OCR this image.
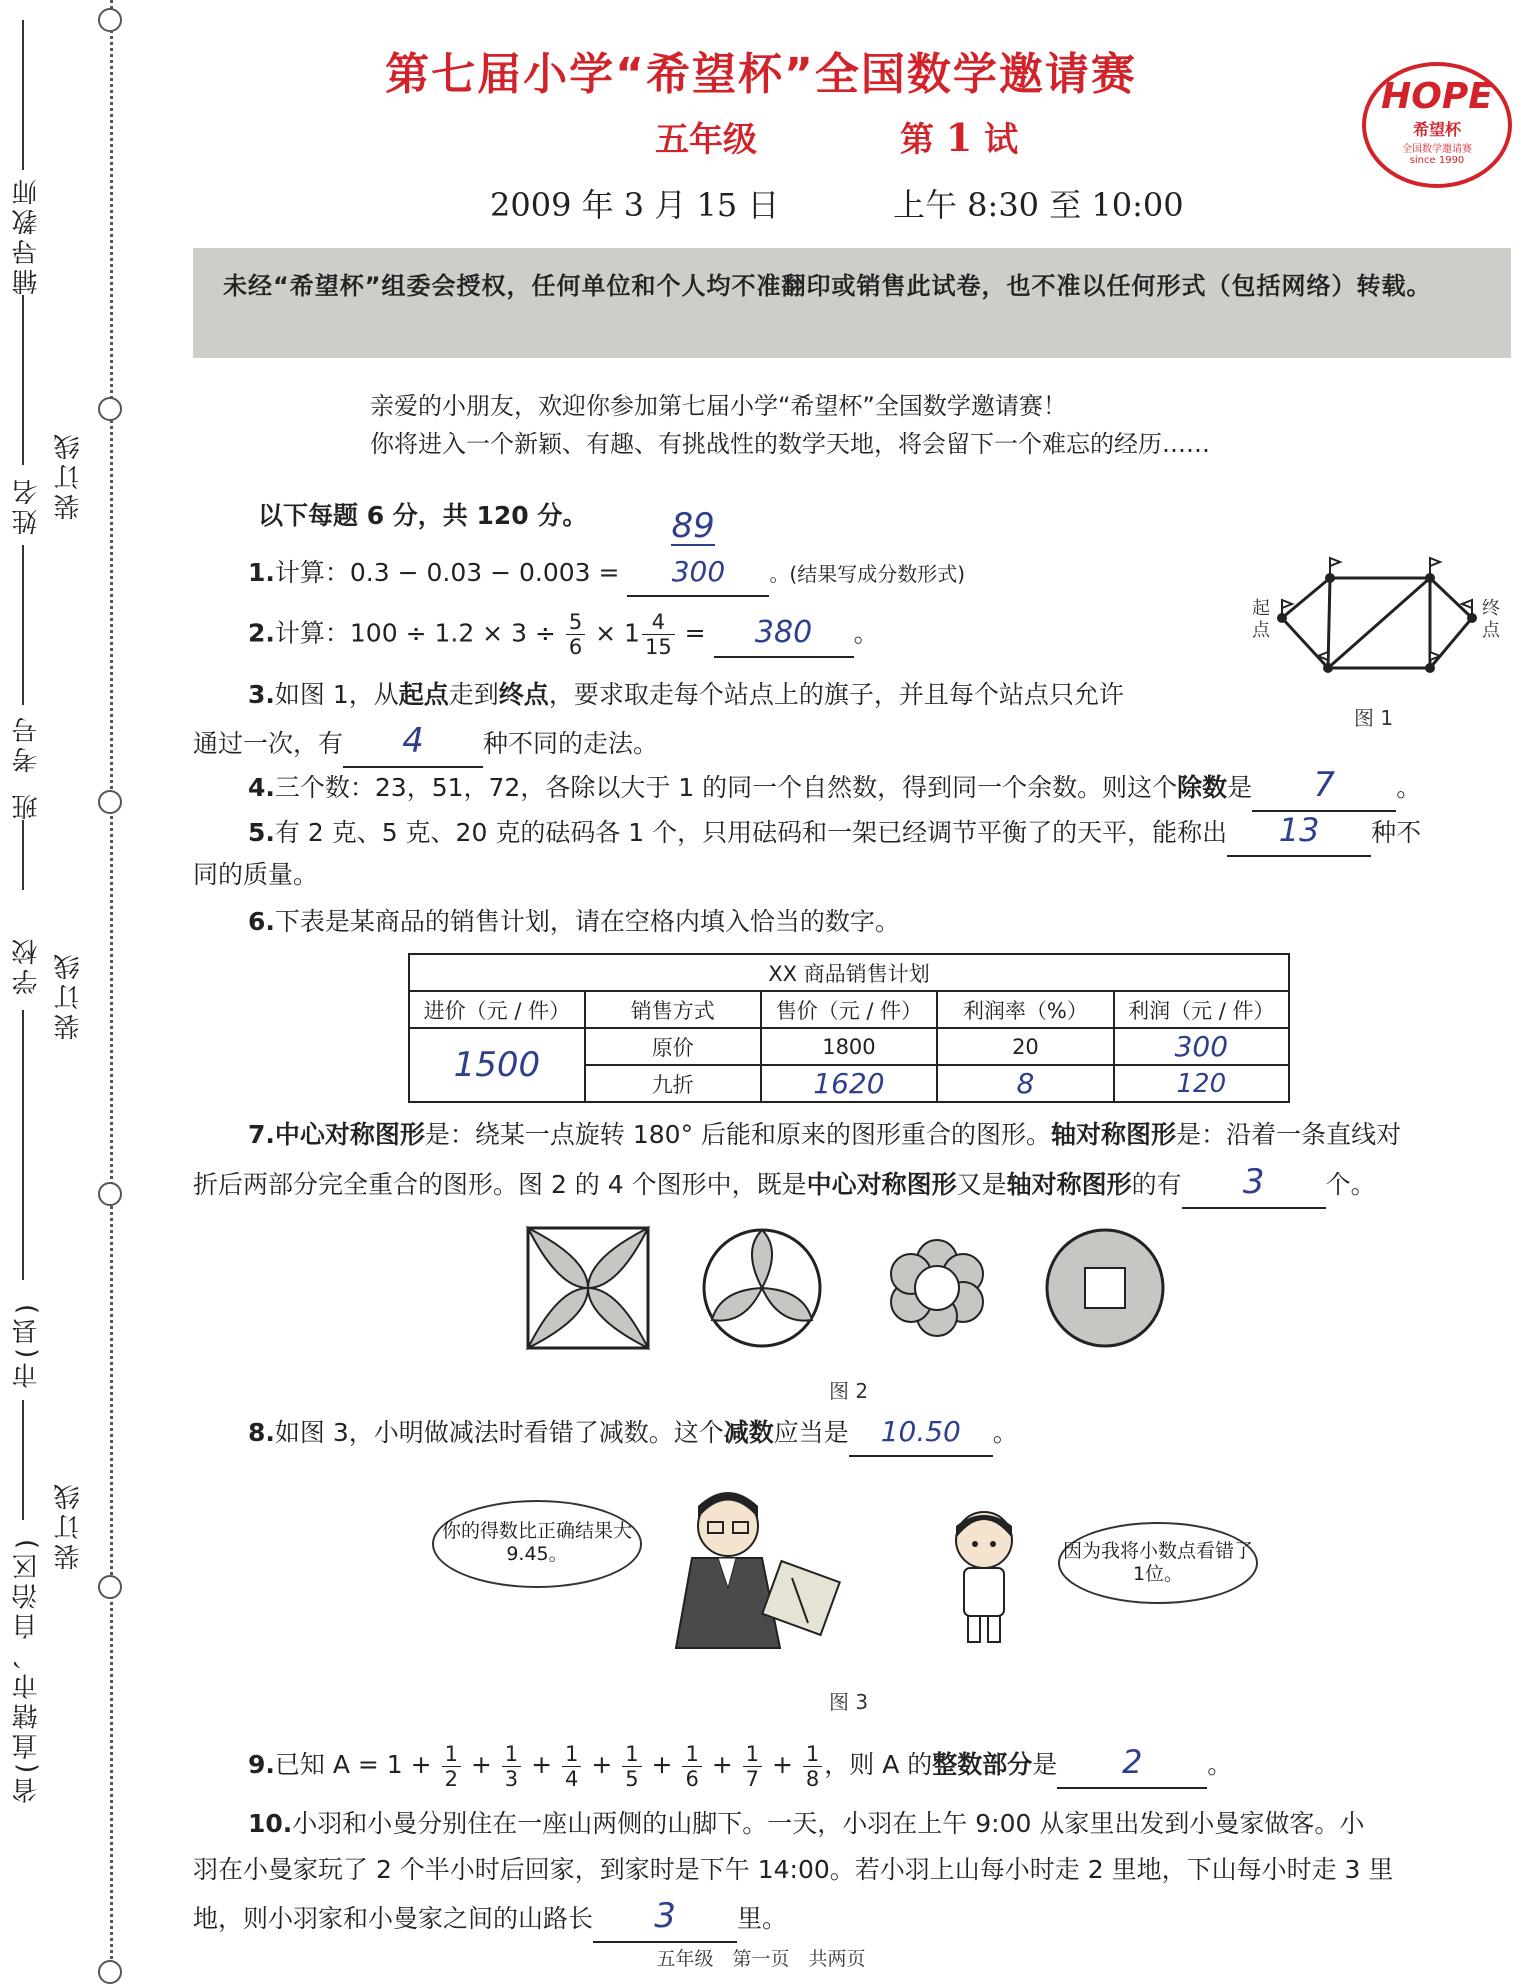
装订线
装订线
装订线
辅导教师
姓名
考号
班
学校
市(县)
省(直辖市、自治区)
第七届小学“希望杯”全国数学邀请赛
五年级	第 1 试
2009 年 3 月 15 日	上午 8:30 至 10:00
HOPE
希望杯
全国数学邀请赛
since 1990
未经“希望杯”组委会授权，任何单位和个人均不准翻印或销售此试卷，也不准以任何形式（包括网络）转载。
亲爱的小朋友，欢迎你参加第七届小学“希望杯”全国数学邀请赛！
你将进入一个新颖、有趣、有挑战性的数学天地，将会留下一个难忘的经历……
以下每题 6 分，共 120 分。
1.计算：0.3 − 0.03 − 0.003 =
89
300 。(结果写成分数形式)
2.计算：$100 \div 1.2 \times 3 \div \frac{5}{6} \times 1 \frac{4}{15} = 380$ 。
起点
终点
图 1
3.如图 1，从起点走到终点，要求取走每个站点上的旗子，并且每个站点只允许
通过一次，有 4 种不同的走法。
4.三个数：23，51，72，各除以大于 1 的同一个自然数，得到同一个余数。则这个除数是 7 。
5.有 2 克、5 克、20 克的砝码各 1 个，只用砝码和一架已经调节平衡了的天平，能称出 13 种不
同的质量。
6.下表是某商品的销售计划，请在空格内填入恰当的数字。
XX 商品销售计划				
进价（元 / 件）	销售方式	售价（元 / 件）	利润率（%）	利润（元 / 件）
1500	原价	1800	20	300
	九折	1620	8	120
7.中心对称图形是：绕某一点旋转 180° 后能和原来的图形重合的图形。轴对称图形是：沿着一条直线对
折后两部分完全重合的图形。图 2 的 4 个图形中，既是中心对称图形又是轴对称图形的有 3 个。
图 2
8.如图 3，小明做减法时看错了减数。这个减数应当是 10.50 。
你的得数比正确结果大9.45。	因为我将小数点看错了1位。
图 3
9.已知 $A = 1 + \frac{1}{2} + \frac{1}{3} + \frac{1}{4} + \frac{1}{5} + \frac{1}{6} + \frac{1}{7} + \frac{1}{8}$ ，则 A 的整数部分是 2	。
10.小羽和小曼分别住在一座山两侧的山脚下。一天，小羽在上午 9:00 从家里出发到小曼家做客。小
羽在小曼家玩了 2 个半小时后回家，到家时是下午 14:00。若小羽上山每小时走 2 里地，下山每小时走 3 里
地，则小羽家和小曼家之间的山路长 3 里。
五年级　第一页　共两页
